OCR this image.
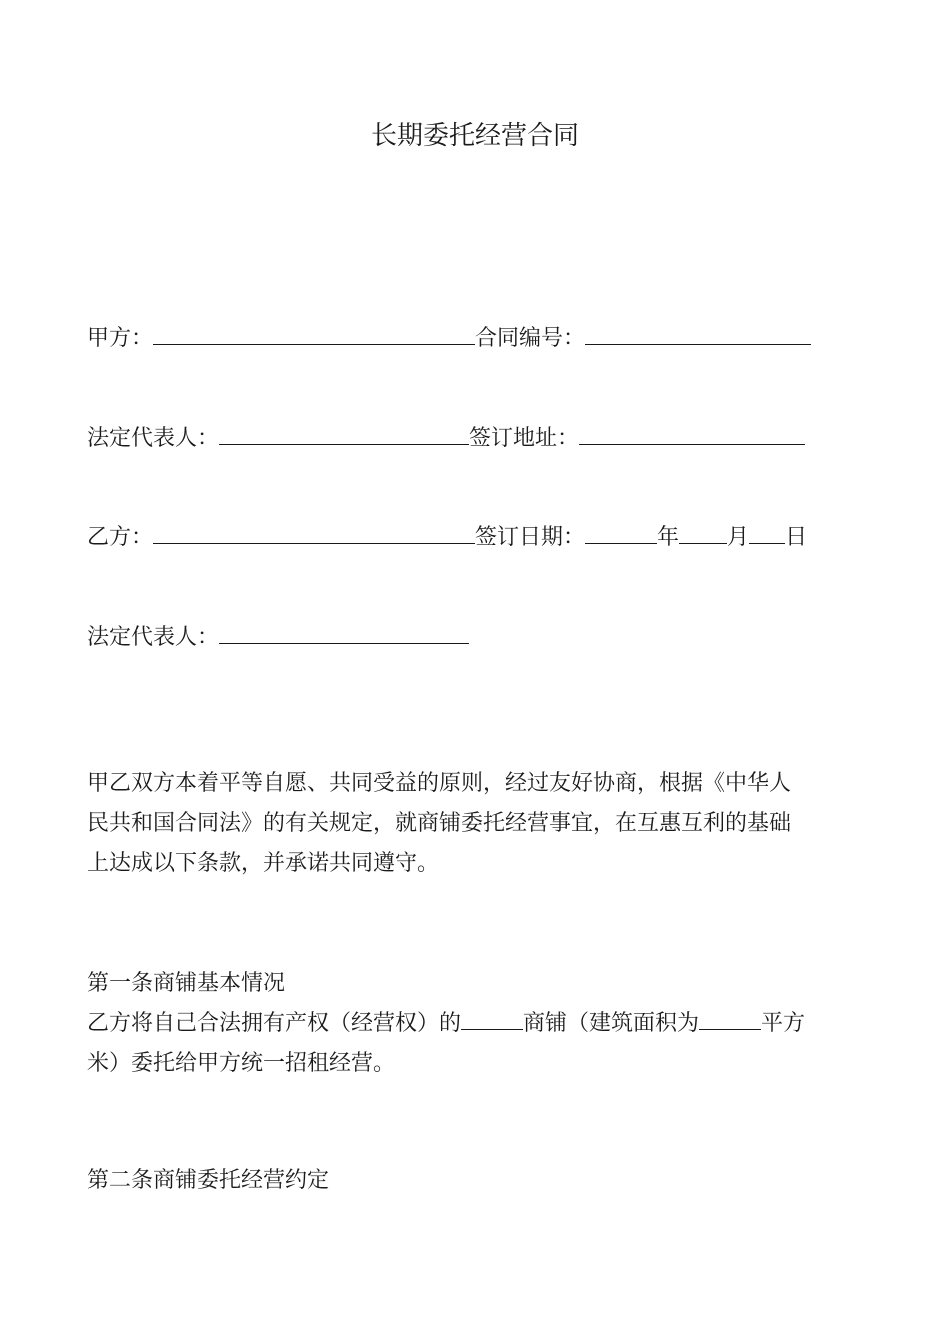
长期委托经营合同
甲方：	合同编号：
法定代表人：	签订地址：
乙方：	签订日期：	年 月 日
法定代表人：
甲乙双方本着平等自愿、共同受益的原则，经过友好协商，根据《中华人
民共和国合同法》的有关规定，就商铺委托经营事宜，在互惠互利的基础
上达成以下条款，并承诺共同遵守。
第一条商铺基本情况
乙方将自己合法拥有产权（经营权）的	商铺（建筑面积为	平方
米）委托给甲方统一招租经营。
第二条商铺委托经营约定
